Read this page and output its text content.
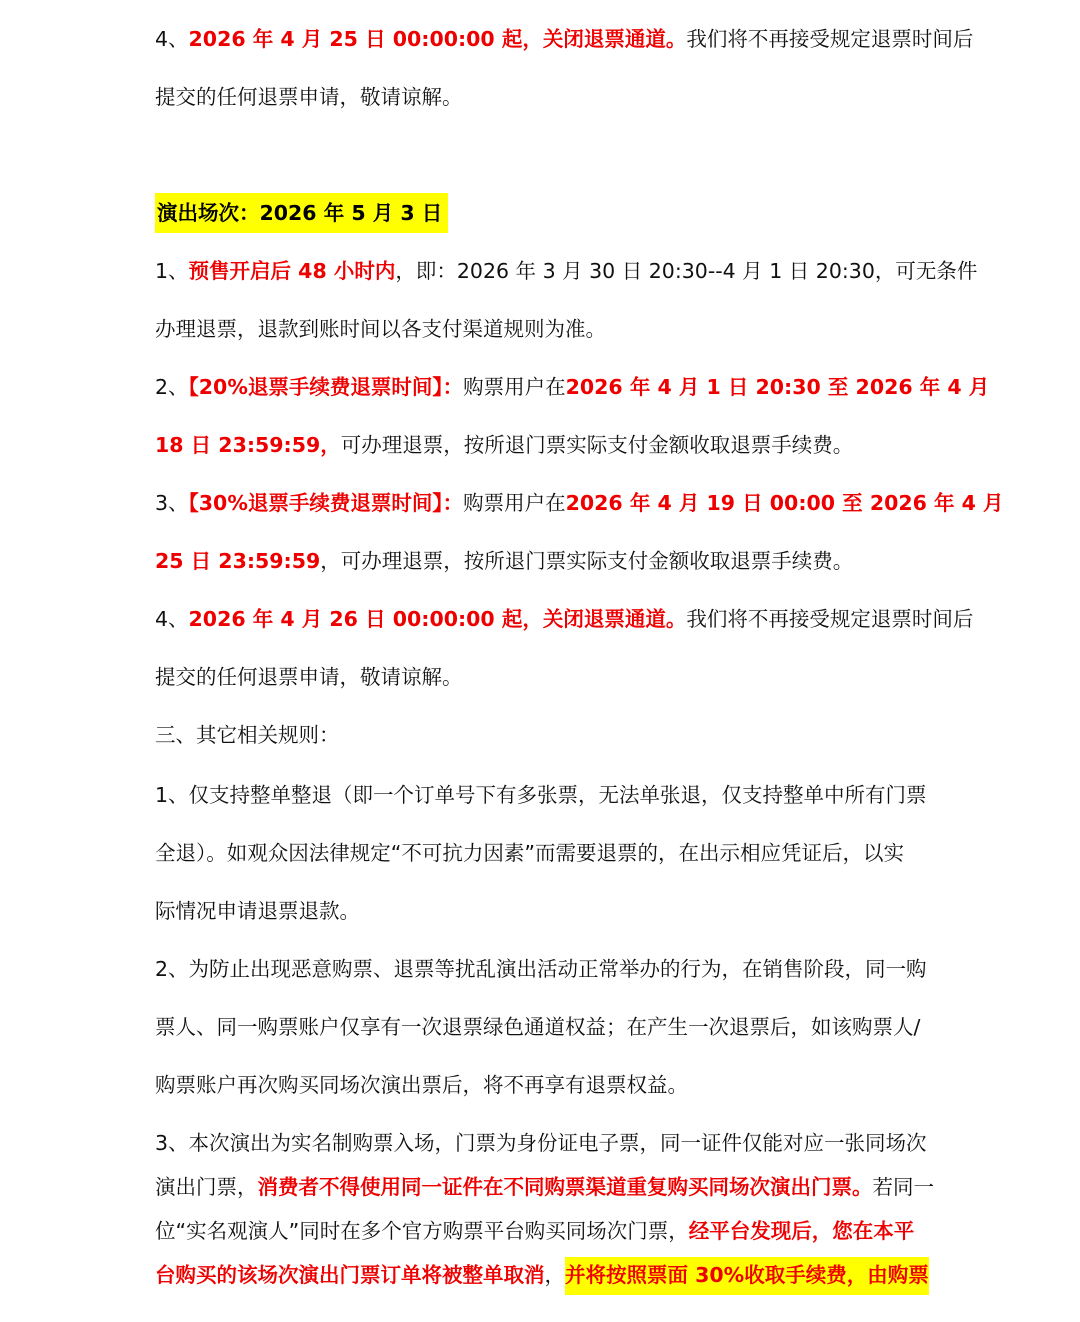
4、2026 年 4 月 25 日 00:00:00 起，关闭退票通道。我们将不再接受规定退票时间后
提交的任何退票申请，敬请谅解。
演出场次：2026 年 5 月 3 日
1、预售开启后 48 小时内，即：2026 年 3 月 30 日 20:30--4 月 1 日 20:30，可无条件
办理退票，退款到账时间以各支付渠道规则为准。
2、【20%退票手续费退票时间】：购票用户在2026 年 4 月 1 日 20:30 至 2026 年 4 月
18 日 23:59:59，可办理退票，按所退门票实际支付金额收取退票手续费。
3、【30%退票手续费退票时间】：购票用户在2026 年 4 月 19 日 00:00 至 2026 年 4 月
25 日 23:59:59，可办理退票，按所退门票实际支付金额收取退票手续费。
4、2026 年 4 月 26 日 00:00:00 起，关闭退票通道。我们将不再接受规定退票时间后
提交的任何退票申请，敬请谅解。
三、其它相关规则：
1、仅支持整单整退（即一个订单号下有多张票，无法单张退，仅支持整单中所有门票
全退）。如观众因法律规定“不可抗力因素”而需要退票的，在出示相应凭证后，以实
际情况申请退票退款。
2、为防止出现恶意购票、退票等扰乱演出活动正常举办的行为，在销售阶段，同一购
票人、同一购票账户仅享有一次退票绿色通道权益；在产生一次退票后，如该购票人/
购票账户再次购买同场次演出票后，将不再享有退票权益。
3、本次演出为实名制购票入场，门票为身份证电子票，同一证件仅能对应一张同场次
演出门票，消费者不得使用同一证件在不同购票渠道重复购买同场次演出门票。若同一
位“实名观演人”同时在多个官方购票平台购买同场次门票，经平台发现后，您在本平
台购买的该场次演出门票订单将被整单取消，并将按照票面 30%收取手续费，由购票
